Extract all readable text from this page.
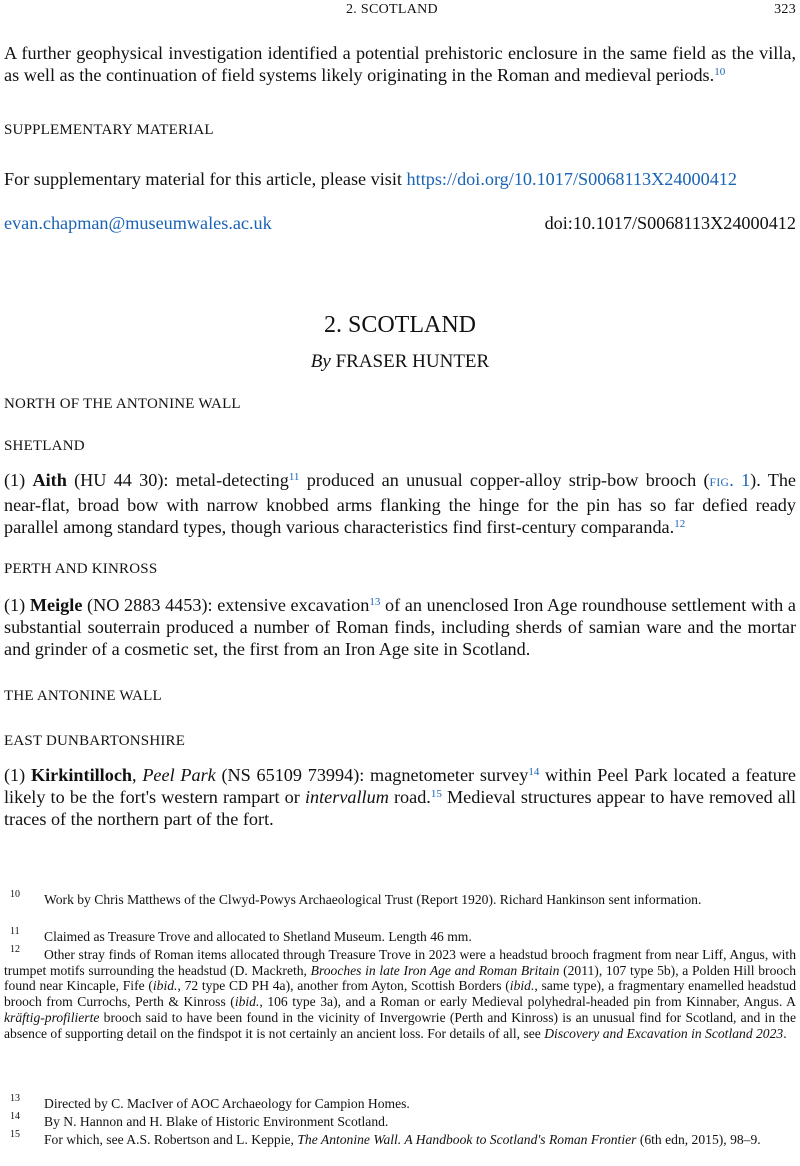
2. SCOTLAND	323

A further geophysical investigation identified a potential prehistoric enclosure in the same field as the villa, as well as the continuation of field systems likely originating in the Roman and medieval periods.$^{10}$

SUPPLEMENTARY MATERIAL

For supplementary material for this article, please visit https://doi.org/10.1017/S0068113X24000412

evan.chapman@museumwales.ac.uk	doi:10.1017/S0068113X24000412
2. SCOTLAND
By FRASER HUNTER
NORTH OF THE ANTONINE WALL
SHETLAND

(1) Aith (HU 44 30): metal-detecting$^{11}$ produced an unusual copper-alloy strip-bow brooch (FIG. 1). The near-flat, broad bow with narrow knobbed arms flanking the hinge for the pin has so far defied ready parallel among standard types, though various characteristics find first-century comparanda.$^{12}$

PERTH AND KINROSS

(1) Meigle (NO 2883 4453): extensive excavation$^{13}$ of an unenclosed Iron Age roundhouse settlement with a substantial souterrain produced a number of Roman finds, including sherds of samian ware and the mortar and grinder of a cosmetic set, the first from an Iron Age site in Scotland.

THE ANTONINE WALL
EAST DUNBARTONSHIRE

(1) Kirkintilloch, Peel Park (NS 65109 73994): magnetometer survey$^{14}$ within Peel Park located a feature likely to be the fort's western rampart or intervallum road.$^{15}$ Medieval structures appear to have removed all traces of the northern part of the fort.

10	Work by Chris Matthews of the Clwyd-Powys Archaeological Trust (Report 1920). Richard Hankinson sent information.

11	Claimed as Treasure Trove and allocated to Shetland Museum. Length 46 mm.

12	Other stray finds of Roman items allocated through Treasure Trove in 2023 were a headstud brooch fragment from near Liff, Angus, with trumpet motifs surrounding the headstud (D. Mackreth, Brooches in late Iron Age and Roman Britain (2011), 107 type 5b), a Polden Hill brooch found near Kincaple, Fife (ibid., 72 type CD PH 4a), another from Ayton, Scottish Borders (ibid., same type), a fragmentary enamelled headstud brooch from Currochs, Perth & Kinross (ibid., 106 type 3a), and a Roman or early Medieval polyhedral-headed pin from Kinnaber, Angus. A kräftig-profilierte brooch said to have been found in the vicinity of Invergowrie (Perth and Kinross) is an unusual find for Scotland, and in the absence of supporting detail on the findspot it is not certainly an ancient loss. For details of all, see Discovery and Excavation in Scotland 2023.

13	Directed by C. MacIver of AOC Archaeology for Campion Homes.

14	By N. Hannon and H. Blake of Historic Environment Scotland.

15	For which, see A.S. Robertson and L. Keppie, The Antonine Wall. A Handbook to Scotland's Roman Frontier (6th edn, 2015), 98–9.
